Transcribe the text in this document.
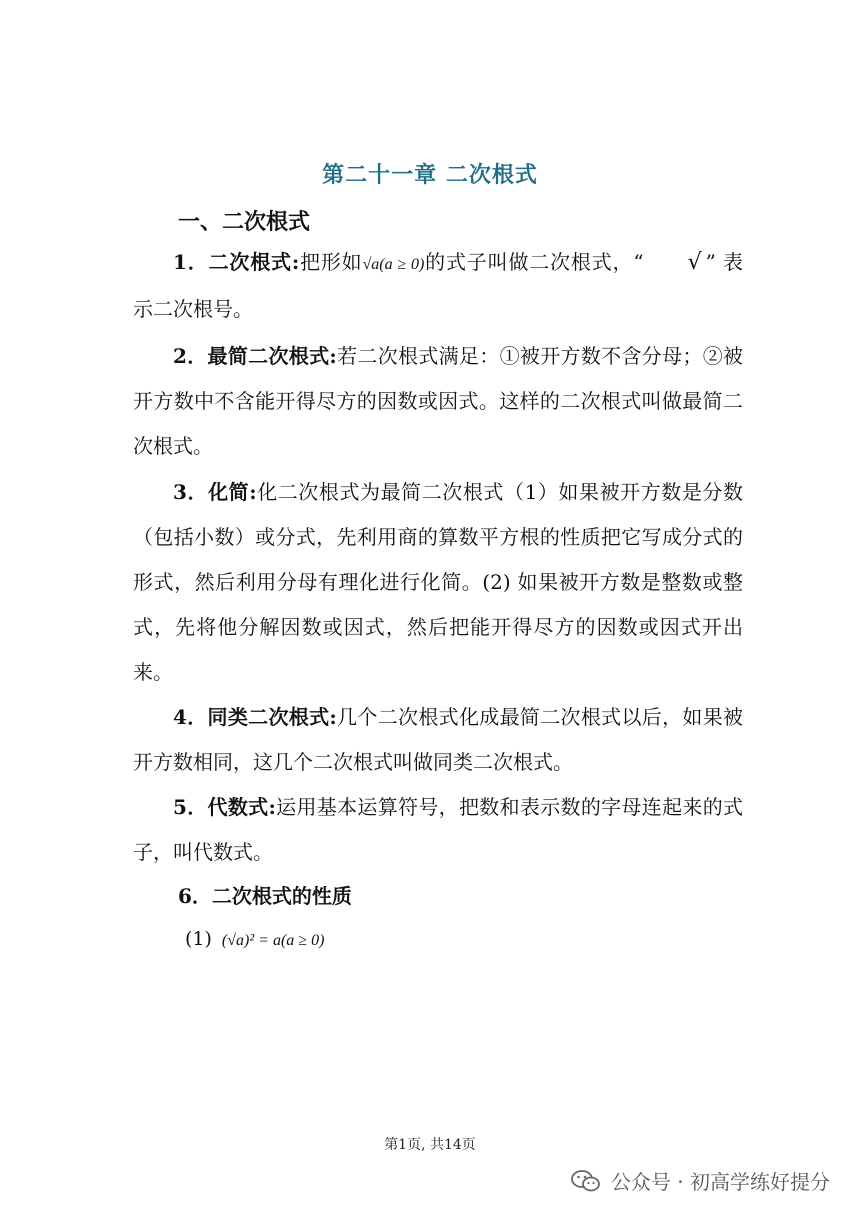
第二十一章 二次根式
一、二次根式
1．二次根式:把形如√a(a ≥ 0)的式子叫做二次根式，“ √ ” 表示二次根号。
2．最简二次根式:若二次根式满足：①被开方数不含分母；②被开方数中不含能开得尽方的因数或因式。这样的二次根式叫做最简二次根式。
3．化简:化二次根式为最简二次根式（1）如果被开方数是分数（包括小数）或分式，先利用商的算数平方根的性质把它写成分式的形式，然后利用分母有理化进行化简。(2) 如果被开方数是整数或整式，先将他分解因数或因式，然后把能开得尽方的因数或因式开出来。
4．同类二次根式:几个二次根式化成最简二次根式以后，如果被开方数相同，这几个二次根式叫做同类二次根式。
5．代数式:运用基本运算符号，把数和表示数的字母连起来的式子，叫代数式。
6．二次根式的性质
(1) (√a)² = a(a ≥ 0)
第1页, 共14页
公众号 · 初高学练好提分
